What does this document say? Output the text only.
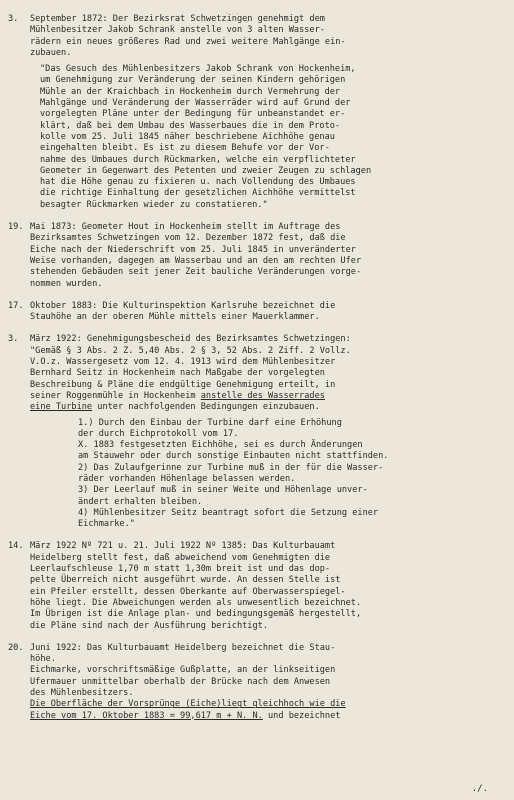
...
3. September 1872: Der Bezirksrat Schwetzingen genehmigt dem
Mühlenbesitzer Jakob Schrank anstelle von 3 alten Wasser-
rädern ein neues größeres Rad und zwei weitere Mahlgänge ein-
zubauen.
"Das Gesuch des Mühlenbesitzers Jakob Schrank von Hockenheim,
um Genehmigung zur Veränderung der seinen Kindern gehörigen
Mühle an der Kraichbach in Hockenheim durch Vermehrung der
Mahlgänge und Veränderung der Wasserräder wird auf Grund der
vorgelegten Pläne unter der Bedingung für unbeanstandet er-
klärt, daß bei dem Umbau des Wasserbaues die in dem Proto-
kolle vom 25. Juli 1845 näher beschriebene Aichhöhe genau
eingehalten bleibt. Es ist zu diesem Behufe vor der Vor-
nahme des Umbaues durch Rückmarken, welche ein verpflichteter
Geometer in Gegenwart des Petenten und zweier Zeugen zu schlagen
hat die Höhe genau zu fixieren u. nach Vollendung des Umbaues
die richtige Einhaltung der gesetzlichen Aichhöhe vermittelst
besagter Rückmarken wieder zu constatieren."
19. Mai 1873: Geometer Hout in Hockenheim stellt im Auftrage des
Bezirksamtes Schwetzingen vom 12. Dezember 1872 fest, daß die
Eiche nach der Niederschrift vom 25. Juli 1845 in unveränderter
Weise vorhanden, dagegen am Wasserbau und an den am rechten Ufer
stehenden Gebäuden seit jener Zeit bauliche Veränderungen vorge-
nommen wurden.
17. Oktober 1883: Die Kulturinspektion Karlsruhe bezeichnet die
Stauhöhe an der oberen Mühle mittels einer Mauerklammer.
3. März 1922: Genehmigungsbescheid des Bezirksamtes Schwetzingen:
"Gemäß § 3 Abs. 2 Z. 5,40 Abs. 2 § 3, 52 Abs. 2 Ziff. 2 Vollz.
V.O.z. Wassergesetz vom 12. 4. 1913 wird dem Mühlenbesitzer
Bernhard Seitz in Hockenheim nach Maßgabe der vorgelegten
Beschreibung & Pläne die endgültige Genehmigung erteilt, in
seiner Roggenmühle in Hockenheim anstelle des Wasserrades
eine Turbine unter nachfolgenden Bedingungen einzubauen.
1.) Durch den Einbau der Turbine darf eine Erhöhung
der durch Eichprotokoll vom 17.
X. 1883 festgesetzten Eichhöhe, sei es durch Änderungen
am Stauwehr oder durch sonstige Einbauten nicht stattfinden.
2) Das Zulaufgerinne zur Turbine muß in der für die Wasser-
räder vorhanden Höhenlage belassen werden.
3) Der Leerlauf muß in seiner Weite und Höhenlage unver-
ändert erhalten bleiben.
4) Mühlenbesitzer Seitz beantragt sofort die Setzung einer
Eichmarke."
14. März 1922 Nº 721 u. 21. Juli 1922 Nº 1385: Das Kulturbauamt
Heidelberg stellt fest, daß abweichend vom Genehmigten die
Leerlaufschleuse 1,70 m statt 1,30m breit ist und das dop-
pelte Überreich nicht ausgeführt wurde. An dessen Stelle ist
ein Pfeiler erstellt, dessen Oberkante auf Oberwasserspiegel-
höhe liegt. Die Abweichungen werden als unwesentlich bezeichnet.
Im Übrigen ist die Anlage plan- und bedingungsgemäß hergestellt,
die Pläne sind nach der Ausführung berichtigt.
20. Juni 1922: Das Kulturbauamt Heidelberg bezeichnet die Stau-
höhe.
Eichmarke, vorschriftsmäßige Gußplatte, an der linkseitigen
Ufermauer unmittelbar oberhalb der Brücke nach dem Anwesen
des Mühlenbesitzers.
Die Oberfläche der Vorsprünge (Eiche)liegt gleichhoch wie die
Eiche vom 17. Oktober 1883 = 99,617 m + N. N. und bezeichnet
./.
